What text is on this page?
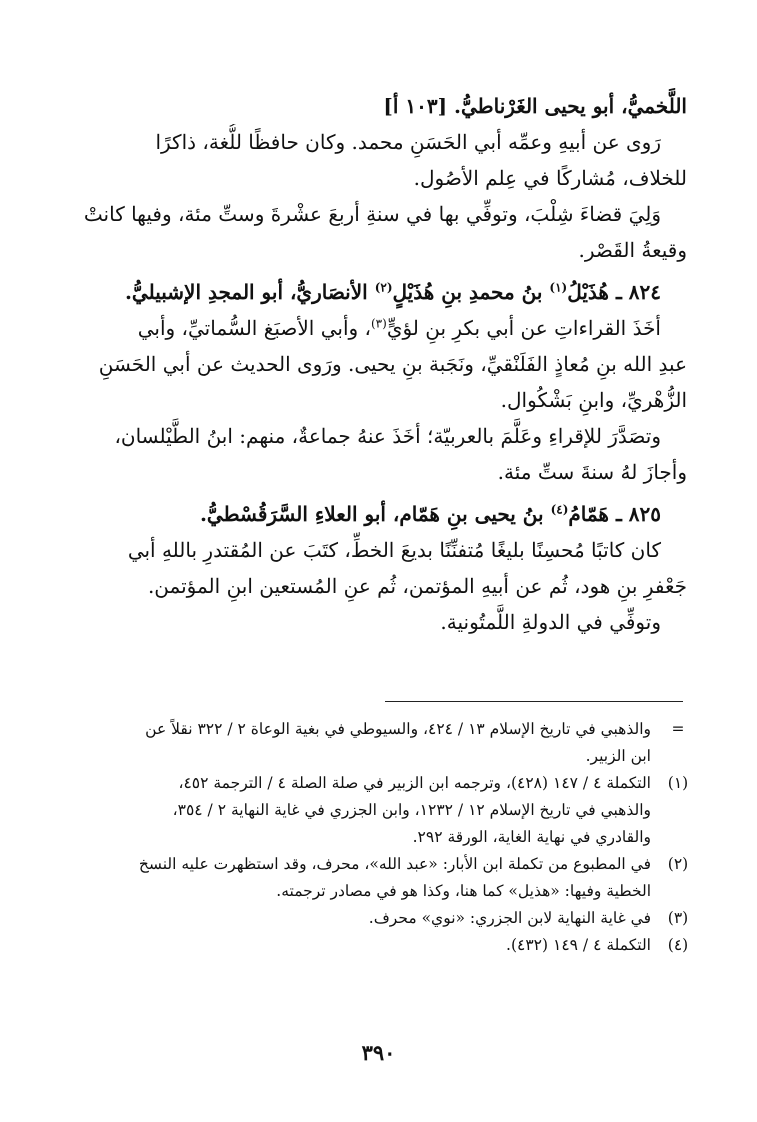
اللَّخميُّ، أبو يحيى الغَرْناطيُّ. [١٠٣ أ]

رَوى عن أبيهِ وعمِّه أبي الحَسَنِ محمد. وكان حافظًا للُّغة، ذاكرًا
للخلاف، مُشاركًا في عِلم الأصُول.

وَلِيَ قضاءَ شِلْبَ، وتوفِّي بها في سنةِ أربعَ عشْرةَ وستِّ مئة، وفيها كانتْ
وقيعةُ القَصْر.

٨٢٤ ـ هُذَيْلُ$^{(١)}$ بنُ محمدِ بنِ هُذَيْلٍ$^{(٢)}$ الأنصَاريُّ، أبو المجدِ الإشبيليُّ.

أخَذَ القراءاتِ عن أبي بكرِ بنِ لؤيٍّ$^{(٣)}$، وأبي الأصبَغ السُّماتيِّ، وأبي
عبدِ الله بنِ مُعاذٍ الفَلَنْقيِّ، ونَجَبة بنِ يحيى. ورَوى الحديث عن أبي الحَسَنِ
الزُّهْريِّ، وابنِ بَشْكُوال.

وتصَدَّرَ للإقراءِ وعَلَّمَ بالعربيّة؛ أخَذَ عنهُ جماعةٌ، منهم: ابنُ الطَّيْلسان،
وأجازَ لهُ سنةَ ستِّ مئة.

٨٢٥ ـ هَمّامُ$^{(٤)}$ بنُ يحيى بنِ هَمّام، أبو العلاءِ السَّرَقُسْطيُّ.

كان كاتبًا مُحسِنًا بليغًا مُتفنِّنًا بديعَ الخطِّ، كتَبَ عن المُقتدرِ باللهِ أبي
جَعْفرِ بنِ هود، ثُم عن أبيهِ المؤتمن، ثُم عنِ المُستعين ابنِ المؤتمن.

وتوفِّي في الدولةِ اللَّمتُونية.

=
والذهبي في تاريخ الإسلام ١٣ / ٤٢٤، والسيوطي في بغية الوعاة ٢ / ٣٢٢ نقلاً عن
ابن الزبير.
(١)
التكملة ٤ / ١٤٧ (٤٢٨)، وترجمه ابن الزبير في صلة الصلة ٤ / الترجمة ٤٥٢،
والذهبي في تاريخ الإسلام ١٢ / ١٢٣٢، وابن الجزري في غاية النهاية ٢ / ٣٥٤،
والقادري في نهاية الغاية، الورقة ٢٩٢.
(٢)
في المطبوع من تكملة ابن الأبار: «عبد الله»، محرف، وقد استظهرت عليه النسخ
الخطية وفيها: «هذيل» كما هنا، وكذا هو في مصادر ترجمته.
(٣)
في غاية النهاية لابن الجزري: «نوي» محرف.
(٤)
التكملة ٤ / ١٤٩ (٤٣٢).
٣٩٠
